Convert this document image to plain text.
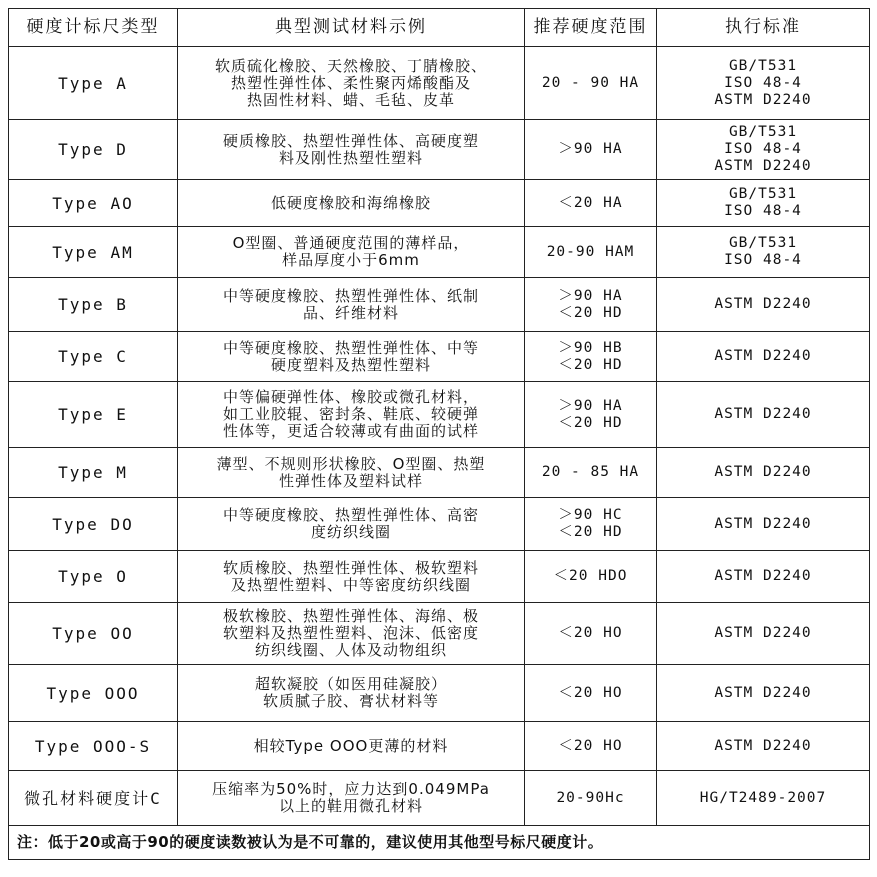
硬度计标尺类型	典型测试材料示例	推荐硬度范围	执行标准
Type A	软质硫化橡胶、天然橡胶、丁腈橡胶、
热塑性弹性体、柔性聚丙烯酸酯及
热固性材料、蜡、毛毡、皮革	20 - 90 HA	GB/T531
ISO 48-4
ASTM D2240

Type D	硬质橡胶、热塑性弹性体、高硬度塑
料及刚性热塑性塑料	＞90 HA	GB/T531
ISO 48-4
ASTM D2240

Type AO	低硬度橡胶和海绵橡胶	＜20 HA	GB/T531
ISO 48-4

Type AM	O型圈、普通硬度范围的薄样品，
样品厚度小于6mm	20-90 HAM	GB/T531
ISO 48-4

Type B	中等硬度橡胶、热塑性弹性体、纸制
品、纤维材料	＞90 HA
＜20 HD	ASTM D2240

Type C	中等硬度橡胶、热塑性弹性体、中等
硬度塑料及热塑性塑料	＞90 HB
＜20 HD	ASTM D2240

Type E	中等偏硬弹性体、橡胶或微孔材料，
如工业胶辊、密封条、鞋底、较硬弹
性体等，更适合较薄或有曲面的试样	＞90 HA
＜20 HD	ASTM D2240

Type M	薄型、不规则形状橡胶、O型圈、热塑
性弹性体及塑料试样	20 - 85 HA	ASTM D2240

Type DO	中等硬度橡胶、热塑性弹性体、高密
度纺织线圈	＞90 HC
＜20 HD	ASTM D2240

Type O	软质橡胶、热塑性弹性体、极软塑料
及热塑性塑料、中等密度纺织线圈	＜20 HDO	ASTM D2240

Type OO	极软橡胶、热塑性弹性体、海绵、极
软塑料及热塑性塑料、泡沫、低密度
纺织线圈、人体及动物组织	＜20 HO	ASTM D2240

Type OOO	超软凝胶（如医用硅凝胶）
软质腻子胶、膏状材料等	＜20 HO	ASTM D2240

Type OOO-S	相较Type OOO更薄的材料	＜20 HO	ASTM D2240

微孔材料硬度计C	压缩率为50%时，应力达到0.049MPa
以上的鞋用微孔材料	20-90Hc	HG/T2489-2007

注：低于20或高于90的硬度读数被认为是不可靠的，建议使用其他型号标尺硬度计。			
